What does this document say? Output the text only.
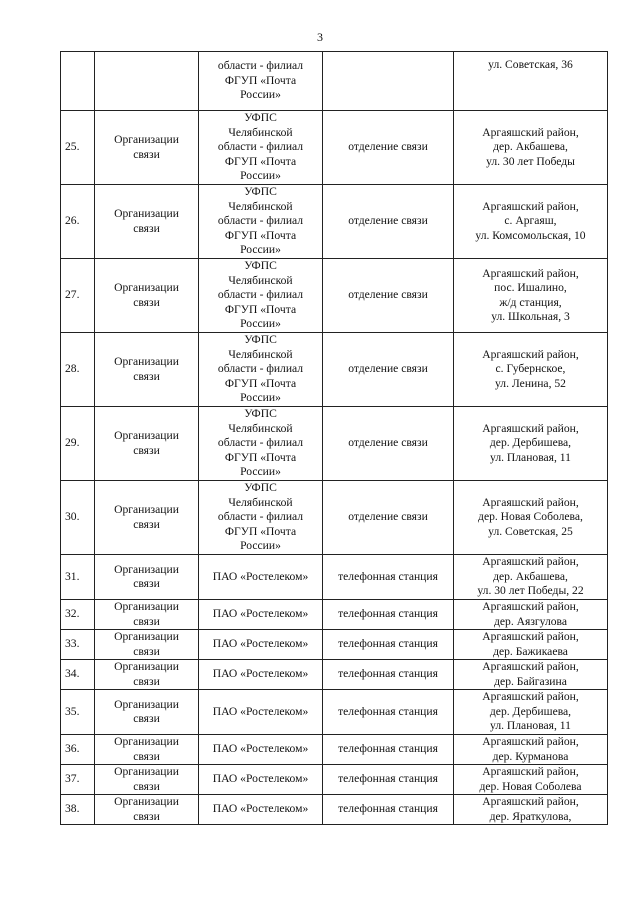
3

		области - филиал
ФГУП «Почта
России»		ул. Советская, 36

25.	Организации
связи	УФПС
Челябинской
области - филиал
ФГУП «Почта
России»	отделение связи	Аргаяшский район,
дер. Акбашева,
ул. 30 лет Победы

26.	Организации
связи	УФПС
Челябинской
области - филиал
ФГУП «Почта
России»	отделение связи	Аргаяшский район,
с. Аргаяш,
ул. Комсомольская, 10

27.	Организации
связи	УФПС
Челябинской
области - филиал
ФГУП «Почта
России»	отделение связи	Аргаяшский район,
пос. Ишалино,
ж/д станция,
ул. Школьная, 3

28.	Организации
связи	УФПС
Челябинской
области - филиал
ФГУП «Почта
России»	отделение связи	Аргаяшский район,
с. Губернское,
ул. Ленина, 52

29.	Организации
связи	УФПС
Челябинской
области - филиал
ФГУП «Почта
России»	отделение связи	Аргаяшский район,
дер. Дербишева,
ул. Плановая, 11

30.	Организации
связи	УФПС
Челябинской
области - филиал
ФГУП «Почта
России»	отделение связи	Аргаяшский район,
дер. Новая Соболева,
ул. Советская, 25

31.	Организации
связи	ПАО «Ростелеком»	телефонная станция	Аргаяшский район,
дер. Акбашева,
ул. 30 лет Победы, 22

32.	Организации
связи	ПАО «Ростелеком»	телефонная станция	Аргаяшский район,
дер. Аязгулова

33.	Организации
связи	ПАО «Ростелеком»	телефонная станция	Аргаяшский район,
дер. Бажикаева

34.	Организации
связи	ПАО «Ростелеком»	телефонная станция	Аргаяшский район,
дер. Байгазина

35.	Организации
связи	ПАО «Ростелеком»	телефонная станция	Аргаяшский район,
дер. Дербишева,
ул. Плановая, 11

36.	Организации
связи	ПАО «Ростелеком»	телефонная станция	Аргаяшский район,
дер. Курманова

37.	Организации
связи	ПАО «Ростелеком»	телефонная станция	Аргаяшский район,
дер. Новая Соболева

38.	Организации
связи	ПАО «Ростелеком»	телефонная станция	Аргаяшский район,
дер. Яраткулова,
